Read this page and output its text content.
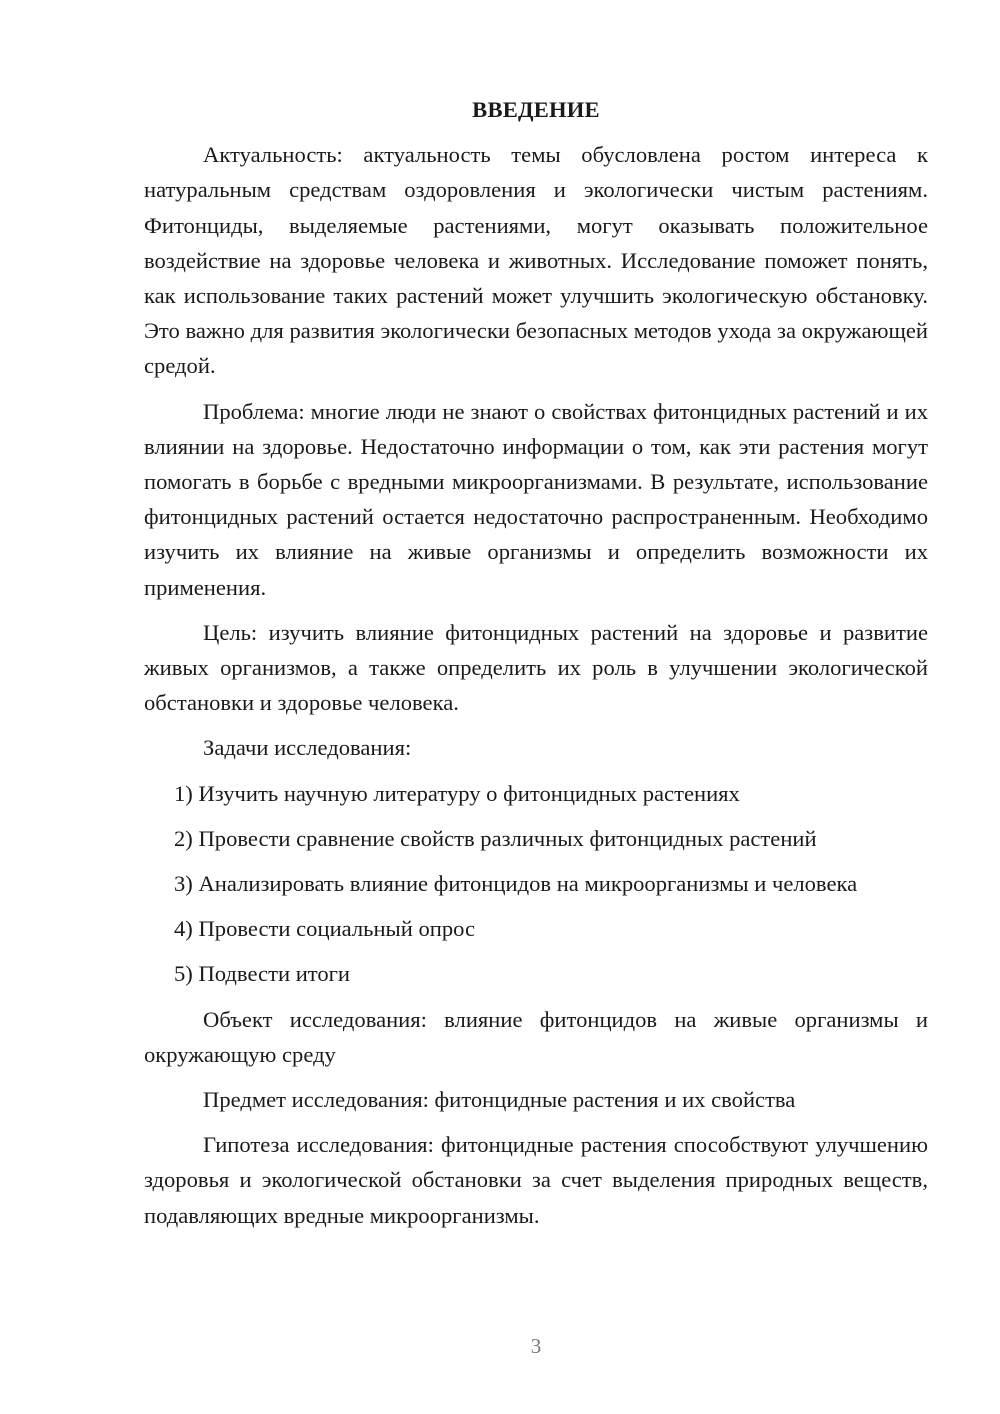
ВВЕДЕНИЕ

Актуальность: актуальность темы обусловлена ростом интереса к натуральным средствам оздоровления и экологически чистым растениям. Фитонциды, выделяемые растениями, могут оказывать положительное воздействие на здоровье человека и животных. Исследование поможет понять, как использование таких растений может улучшить экологическую обстановку. Это важно для развития экологически безопасных методов ухода за окружающей средой.

Проблема: многие люди не знают о свойствах фитонцидных растений и их влиянии на здоровье. Недостаточно информации о том, как эти растения могут помогать в борьбе с вредными микроорганизмами. В результате, использование фитонцидных растений остается недостаточно распространенным. Необходимо изучить их влияние на живые организмы и определить возможности их применения.

Цель: изучить влияние фитонцидных растений на здоровье и развитие живых организмов, а также определить их роль в улучшении экологической обстановки и здоровье человека.

Задачи исследования:

1) Изучить научную литературу о фитонцидных растениях

2) Провести сравнение свойств различных фитонцидных растений

3) Анализировать влияние фитонцидов на микроорганизмы и человека

4) Провести социальный опрос

5) Подвести итоги

Объект исследования: влияние фитонцидов на живые организмы и окружающую среду

Предмет исследования: фитонцидные растения и их свойства

Гипотеза исследования: фитонцидные растения способствуют улучшению здоровья и экологической обстановки за счет выделения природных веществ, подавляющих вредные микроорганизмы.

3
